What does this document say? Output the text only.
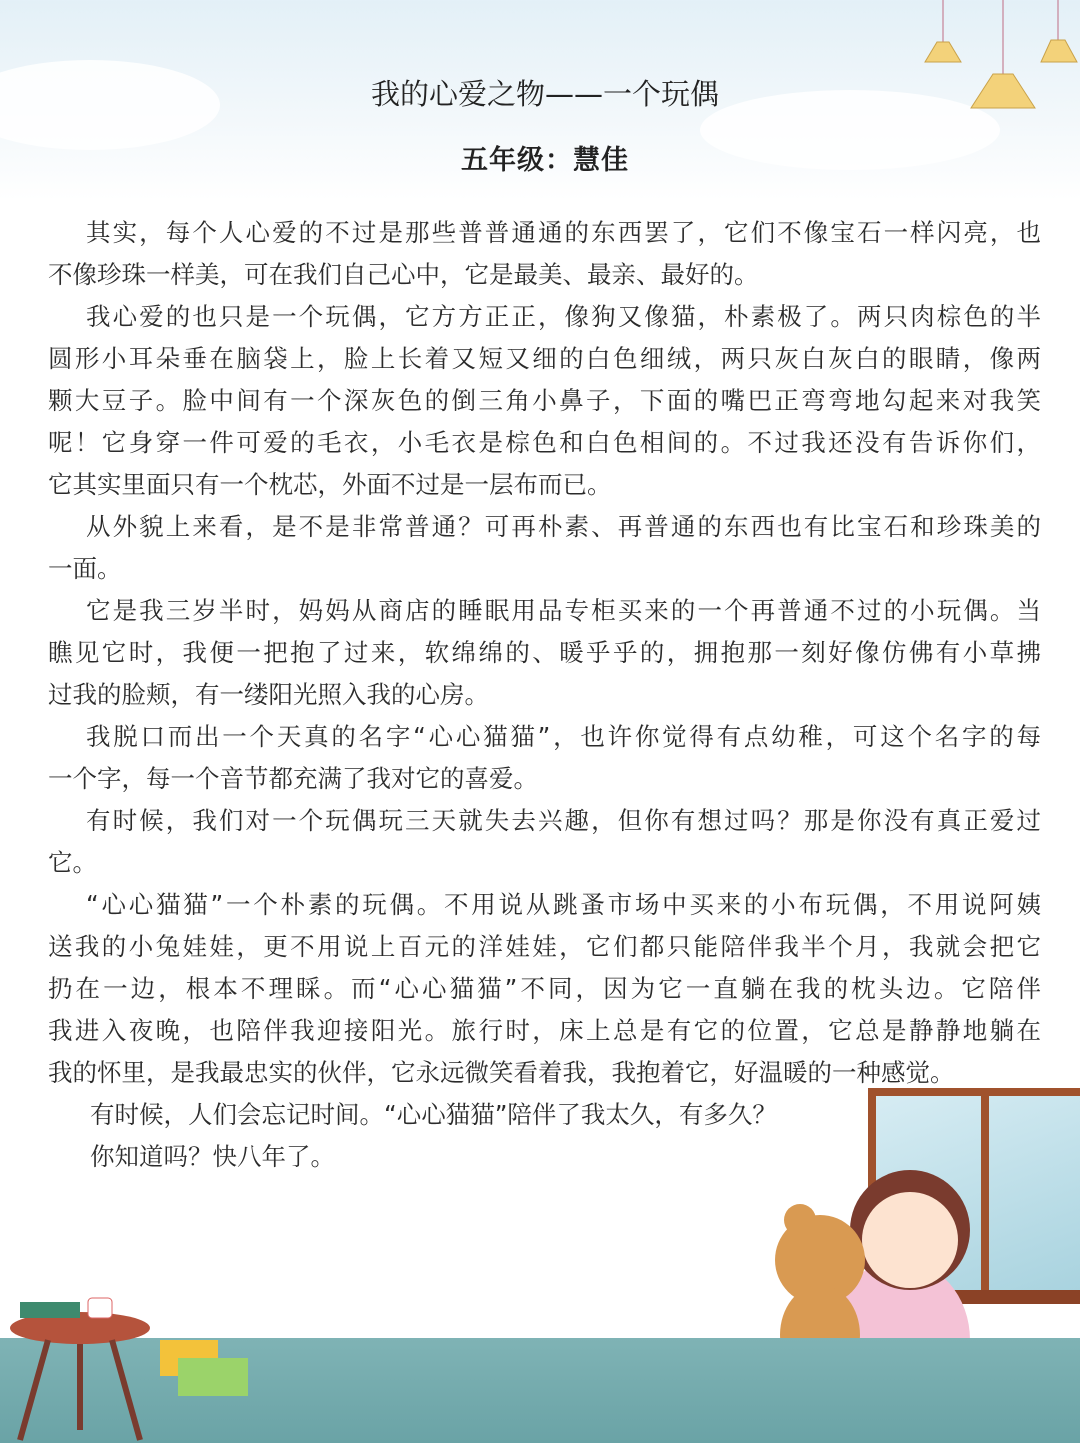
我的心爱之物——一个玩偶
五年级：慧佳
其实，每个人心爱的不过是那些普普通通的东西罢了，它们不像宝石一样闪亮，也
不像珍珠一样美，可在我们自己心中，它是最美、最亲、最好的。
我心爱的也只是一个玩偶，它方方正正，像狗又像猫，朴素极了。两只肉棕色的半
圆形小耳朵垂在脑袋上，脸上长着又短又细的白色细绒，两只灰白灰白的眼睛，像两
颗大豆子。脸中间有一个深灰色的倒三角小鼻子，下面的嘴巴正弯弯地勾起来对我笑
呢！它身穿一件可爱的毛衣，小毛衣是棕色和白色相间的。不过我还没有告诉你们，
它其实里面只有一个枕芯，外面不过是一层布而已。
从外貌上来看，是不是非常普通？可再朴素、再普通的东西也有比宝石和珍珠美的
一面。
它是我三岁半时，妈妈从商店的睡眠用品专柜买来的一个再普通不过的小玩偶。当
瞧见它时，我便一把抱了过来，软绵绵的、暖乎乎的，拥抱那一刻好像仿佛有小草拂
过我的脸颊，有一缕阳光照入我的心房。
我脱口而出一个天真的名字“心心猫猫”，也许你觉得有点幼稚，可这个名字的每
一个字，每一个音节都充满了我对它的喜爱。
有时候，我们对一个玩偶玩三天就失去兴趣，但你有想过吗？那是你没有真正爱过
它。
“心心猫猫”一个朴素的玩偶。不用说从跳蚤市场中买来的小布玩偶，不用说阿姨
送我的小兔娃娃，更不用说上百元的洋娃娃，它们都只能陪伴我半个月，我就会把它
扔在一边，根本不理睬。而“心心猫猫”不同，因为它一直躺在我的枕头边。它陪伴
我进入夜晚，也陪伴我迎接阳光。旅行时，床上总是有它的位置，它总是静静地躺在
我的怀里，是我最忠实的伙伴，它永远微笑看着我，我抱着它，好温暖的一种感觉。
有时候，人们会忘记时间。“心心猫猫”陪伴了我太久，有多久？
你知道吗？快八年了。
